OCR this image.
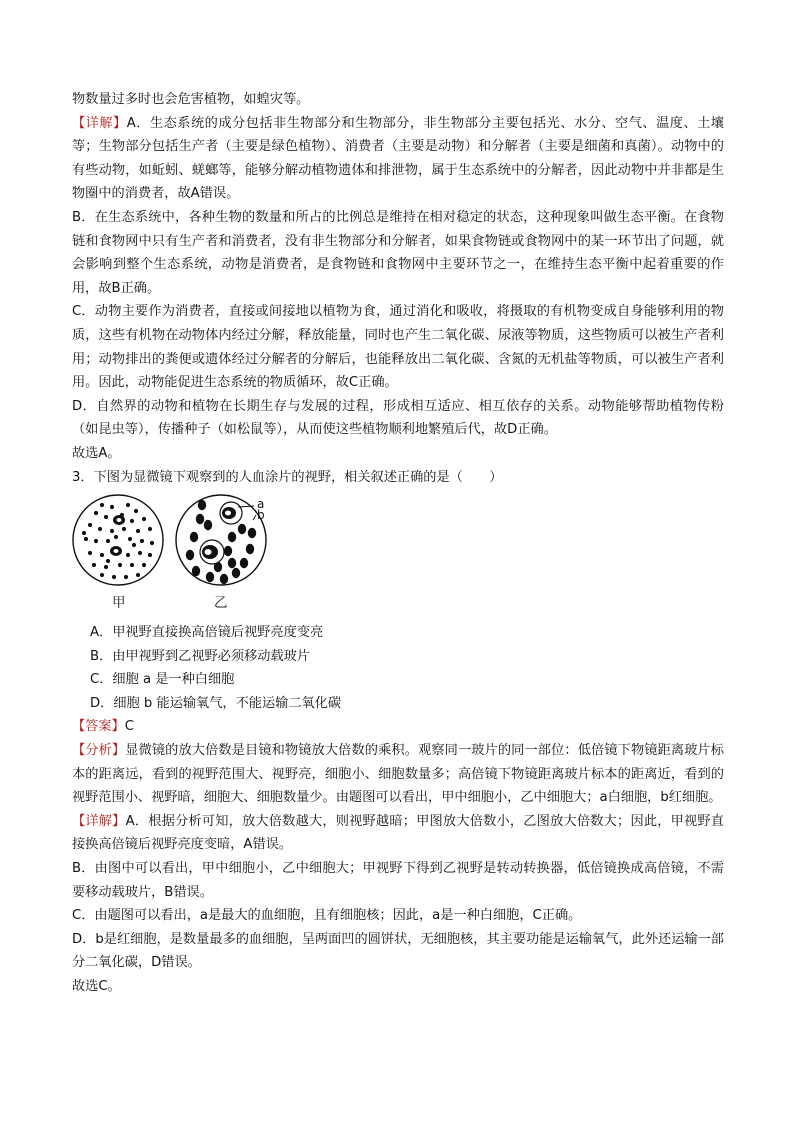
物数量过多时也会危害植物，如蝗灾等。

【详解】A．生态系统的成分包括非生物部分和生物部分，非生物部分主要包括光、水分、空气、温度、土壤等；生物部分包括生产者（主要是绿色植物）、消费者（主要是动物）和分解者（主要是细菌和真菌）。动物中的有些动物，如蚯蚓、蜣螂等，能够分解动植物遗体和排泄物，属于生态系统中的分解者，因此动物中并非都是生物圈中的消费者，故A错误。

B．在生态系统中，各种生物的数量和所占的比例总是维持在相对稳定的状态，这种现象叫做生态平衡。在食物链和食物网中只有生产者和消费者，没有非生物部分和分解者，如果食物链或食物网中的某一环节出了问题，就会影响到整个生态系统，动物是消费者，是食物链和食物网中主要环节之一，在维持生态平衡中起着重要的作用，故B正确。

C．动物主要作为消费者，直接或间接地以植物为食，通过消化和吸收，将摄取的有机物变成自身能够利用的物质，这些有机物在动物体内经过分解，释放能量，同时也产生二氧化碳、尿液等物质，这些物质可以被生产者利用；动物排出的粪便或遗体经过分解者的分解后，也能释放出二氧化碳、含氮的无机盐等物质，可以被生产者利用。因此，动物能促进生态系统的物质循环，故C正确。

D．自然界的动物和植物在长期生存与发展的过程，形成相互适应、相互依存的关系。动物能够帮助植物传粉（如昆虫等），传播种子（如松鼠等），从而使这些植物顺利地繁殖后代，故D正确。

故选A。

3．下图为显微镜下观察到的人血涂片的视野，相关叙述正确的是（　　）

甲	乙
a
b

A．甲视野直接换高倍镜后视野亮度变亮

B．由甲视野到乙视野必须移动载玻片

C．细胞 a 是一种白细胞

D．细胞 b 能运输氧气，不能运输二氧化碳

【答案】C

【分析】显微镜的放大倍数是目镜和物镜放大倍数的乘积。观察同一玻片的同一部位：低倍镜下物镜距离玻片标本的距离远，看到的视野范围大、视野亮，细胞小、细胞数量多；高倍镜下物镜距离玻片标本的距离近，看到的视野范围小、视野暗，细胞大、细胞数量少。由题图可以看出，甲中细胞小，乙中细胞大；a白细胞，b红细胞。

【详解】A．根据分析可知，放大倍数越大，则视野越暗；甲图放大倍数小，乙图放大倍数大；因此，甲视野直接换高倍镜后视野亮度变暗，A错误。

B．由图中可以看出，甲中细胞小，乙中细胞大；甲视野下得到乙视野是转动转换器，低倍镜换成高倍镜，不需要移动载玻片，B错误。

C．由题图可以看出，a是最大的血细胞，且有细胞核；因此，a是一种白细胞，C正确。

D．b是红细胞，是数量最多的血细胞，呈两面凹的圆饼状，无细胞核，其主要功能是运输氧气，此外还运输一部分二氧化碳，D错误。

故选C。
